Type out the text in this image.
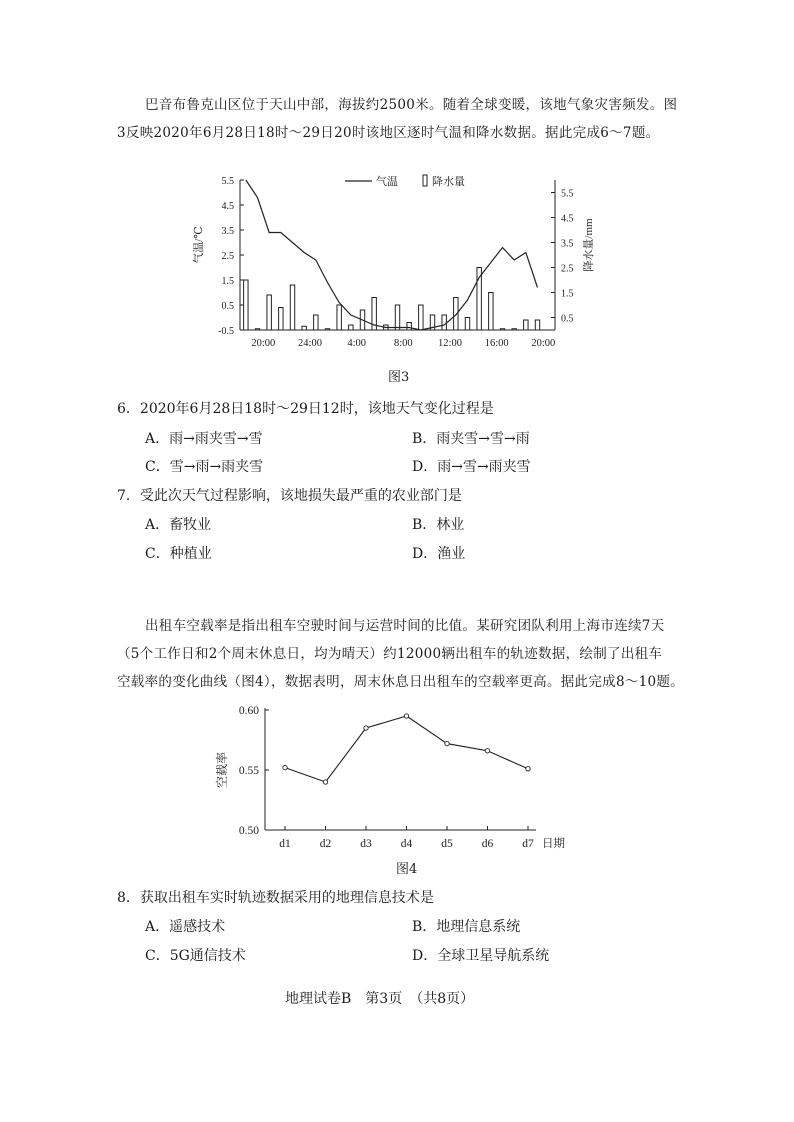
巴音布鲁克山区位于天山中部，海拔约2500米。随着全球变暖，该地气象灾害频发。图
3反映2020年6月28日18时～29日20时该地区逐时气温和降水数据。据此完成6～7题。
5.5
4.5
3.5
2.5
1.5
0.5
-0.5
5.5
4.5
3.5
2.5
1.5
0.5
20:00 24:00 4:00	8:00 12:00 16:00 20:00
气温	降水量
气温/℃	降水量/mm
图3
6．2020年6月28日18时～29日12时，该地天气变化过程是
A．雨→雨夹雪→雪	B．雨夹雪→雪→雨
C．雪→雨→雨夹雪	D．雨→雪→雨夹雪
7．受此次天气过程影响，该地损失最严重的农业部门是
A．畜牧业	B．林业
C．种植业	D．渔业
出租车空载率是指出租车空驶时间与运营时间的比值。某研究团队利用上海市连续7天
（5个工作日和2个周末休息日，均为晴天）约12000辆出租车的轨迹数据，绘制了出租车
空载率的变化曲线（图4），数据表明，周末休息日出租车的空载率更高。据此完成8～10题。
0.60
0.55
0.50
d1	d2	d3	d4	d5	d6	d7 日期
空载率
图4
8．获取出租车实时轨迹数据采用的地理信息技术是
A．遥感技术	B．地理信息系统
C．5G通信技术	D．全球卫星导航系统
地理试卷B　第3页　（共8页）
